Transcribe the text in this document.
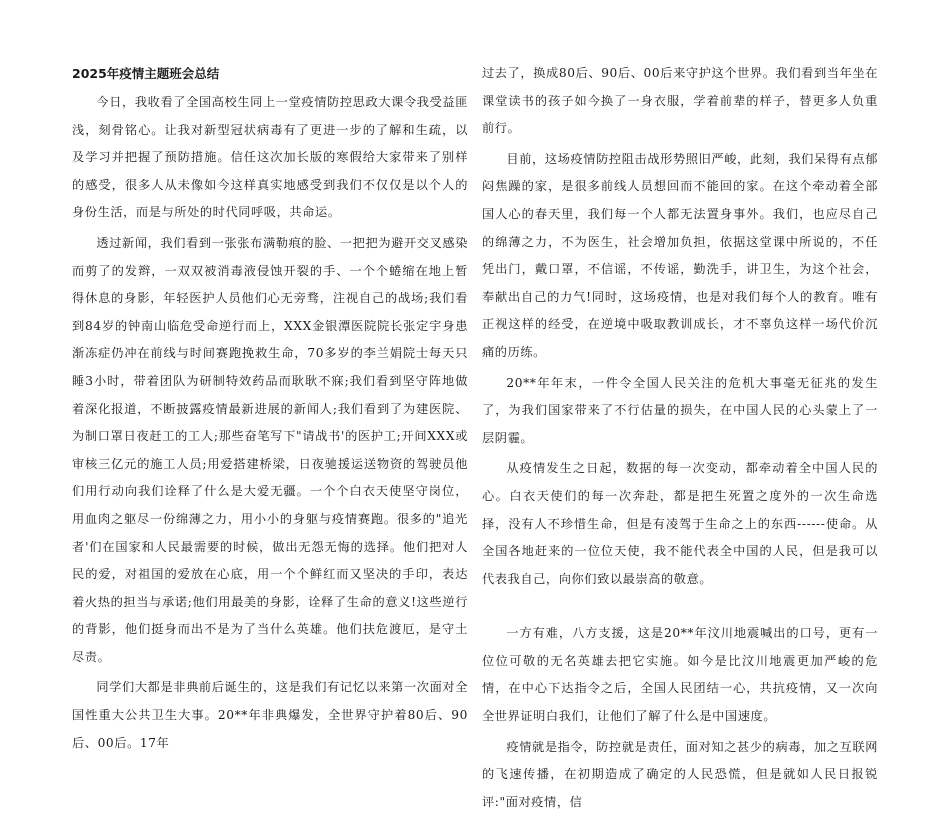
2025年疫情主题班会总结

今日，我收看了全国高校生同上一堂疫情防控思政大课令我受益匪浅，刻骨铭心。让我对新型冠状病毒有了更进一步的了解和生疏，以及学习并把握了预防措施。信任这次加长版的寒假给大家带来了别样的感受，很多人从未像如今这样真实地感受到我们不仅仅是以个人的身份生活，而是与所处的时代同呼吸，共命运。

透过新闻，我们看到一张张布满勒痕的脸、一把把为避开交叉感染而剪了的发辫，一双双被消毒液侵蚀开裂的手、一个个蜷缩在地上暂得休息的身影，年轻医护人员他们心无旁骛，注视自己的战场;我们看到84岁的钟南山临危受命逆行而上，XXX金银潭医院院长张定宇身患渐冻症仍冲在前线与时间赛跑挽救生命，70多岁的李兰娟院士每天只睡3小时，带着团队为研制特效药品而耿耿不寐;我们看到坚守阵地做着深化报道，不断披露疫情最新进展的新闻人;我们看到了为建医院、为制口罩日夜赶工的工人;那些奋笔写下"请战书'的医护工;开间XXX或审核三亿元的施工人员;用爱搭建桥梁，日夜驰援运送物资的驾驶员他们用行动向我们诠释了什么是大爱无疆。一个个白衣天使坚守岗位，用血肉之躯尽一份绵薄之力，用小小的身躯与疫情赛跑。很多的"追光者'们在国家和人民最需要的时候，做出无怨无悔的选择。他们把对人民的爱，对祖国的爱放在心底，用一个个鲜红而又坚决的手印，表达着火热的担当与承诺;他们用最美的身影，诠释了生命的意义!这些逆行的背影，他们挺身而出不是为了当什么英雄。他们扶危渡厄，是守土尽责。

同学们大都是非典前后诞生的，这是我们有记忆以来第一次面对全国性重大公共卫生大事。20**年非典爆发，全世界守护着80后、90后、00后。17年

过去了，换成80后、90后、00后来守护这个世界。我们看到当年坐在课堂读书的孩子如今换了一身衣服，学着前辈的样子，替更多人负重前行。

目前，这场疫情防控阻击战形势照旧严峻，此刻，我们呆得有点郁闷焦躁的家，是很多前线人员想回而不能回的家。在这个牵动着全部国人心的春天里，我们每一个人都无法置身事外。我们，也应尽自己的绵薄之力，不为医生，社会增加负担，依据这堂课中所说的，不任凭出门，戴口罩，不信谣，不传谣，勤洗手，讲卫生，为这个社会，奉献出自己的力气!同时，这场疫情，也是对我们每个人的教育。唯有正视这样的经受，在逆境中吸取教训成长，才不辜负这样一场代价沉痛的历练。

20**年年末，一件令全国人民关注的危机大事毫无征兆的发生了，为我们国家带来了不行估量的损失，在中国人民的心头蒙上了一层阴霾。

从疫情发生之日起，数据的每一次变动，都牵动着全中国人民的心。白衣天使们的每一次奔赴，都是把生死置之度外的一次生命选择，没有人不珍惜生命，但是有凌驾于生命之上的东西------使命。从全国各地赶来的一位位天使，我不能代表全中国的人民，但是我可以代表我自己，向你们致以最崇高的敬意。

一方有难，八方支援，这是20**年汶川地震喊出的口号，更有一位位可敬的无名英雄去把它实施。如今是比汶川地震更加严峻的危情，在中心下达指令之后，全国人民团结一心，共抗疫情，又一次向全世界证明白我们，让他们了解了什么是中国速度。

疫情就是指令，防控就是责任，面对知之甚少的病毒，加之互联网的飞速传播，在初期造成了确定的人民恐慌，但是就如人民日报锐评:"面对疫情，信
